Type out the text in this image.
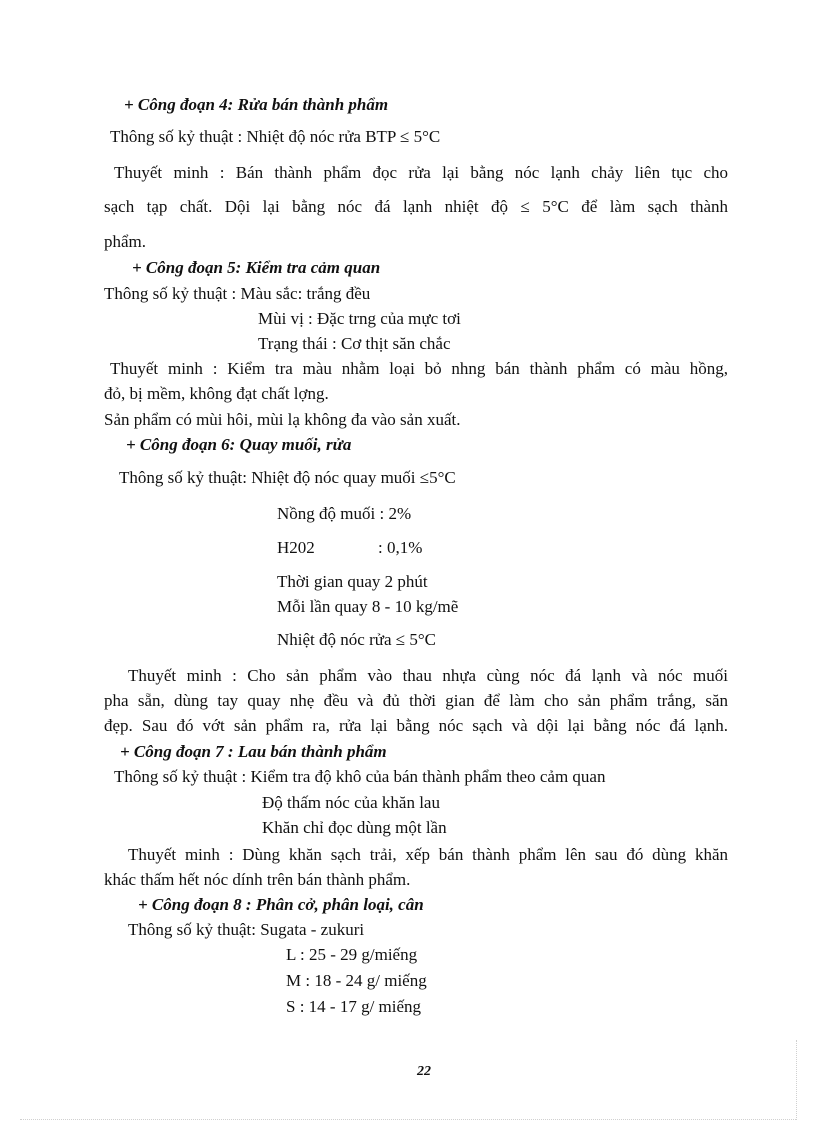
+ Công đoạn 4: Rửa bán thành phẩm
Thông số kỷ thuật : Nhiệt độ nóc rửa BTP ≤ 5°C
Thuyết minh : Bán thành phẩm đọc rửa lại bằng nóc lạnh chảy liên tục cho
sạch tạp chất. Dội lại bằng nóc đá lạnh nhiệt độ ≤ 5°C để làm sạch thành
phẩm.
+ Công đoạn 5: Kiểm tra cảm quan
Thông số kỷ thuật : Màu sắc: trắng đều
Mùi vị : Đặc trng của mực tơi
Trạng thái : Cơ thịt săn chắc
Thuyết minh : Kiểm tra màu nhằm loại bỏ nhng bán thành phẩm có màu hồng,
đỏ, bị mềm, không đạt chất lợng.
Sản phẩm có mùi hôi, mùi lạ không đa vào sản xuất.
+ Công đoạn 6: Quay muối, rửa
Thông số kỷ thuật: Nhiệt độ nóc quay muối ≤5°C
Nồng độ muối : 2%
H202	: 0,1%
Thời gian quay 2 phút
Mỗi lần quay 8 - 10 kg/mẽ
Nhiệt độ nóc rửa ≤ 5°C
Thuyết minh : Cho sản phẩm vào thau nhựa cùng nóc đá lạnh và nóc muối
pha sẵn, dùng tay quay nhẹ đều và đủ thời gian để làm cho sản phẩm trắng, săn
đẹp. Sau đó vớt sản phẩm ra, rửa lại bằng nóc sạch và dội lại bằng nóc đá lạnh.
+ Công đoạn 7 : Lau bán thành phẩm
Thông số kỷ thuật : Kiểm tra độ khô của bán thành phẩm theo cảm quan
Độ thấm nóc của khăn lau
Khăn chỉ đọc dùng một lần
Thuyết minh : Dùng khăn sạch trải, xếp bán thành phẩm lên sau đó dùng khăn
khác thấm hết nóc dính trên bán thành phẩm.
+ Công đoạn 8 : Phân cở, phân loại, cân
Thông số kỷ thuật: Sugata - zukuri
L : 25 - 29 g/miếng
M : 18 - 24 g/ miếng
S : 14 - 17 g/ miếng
22
